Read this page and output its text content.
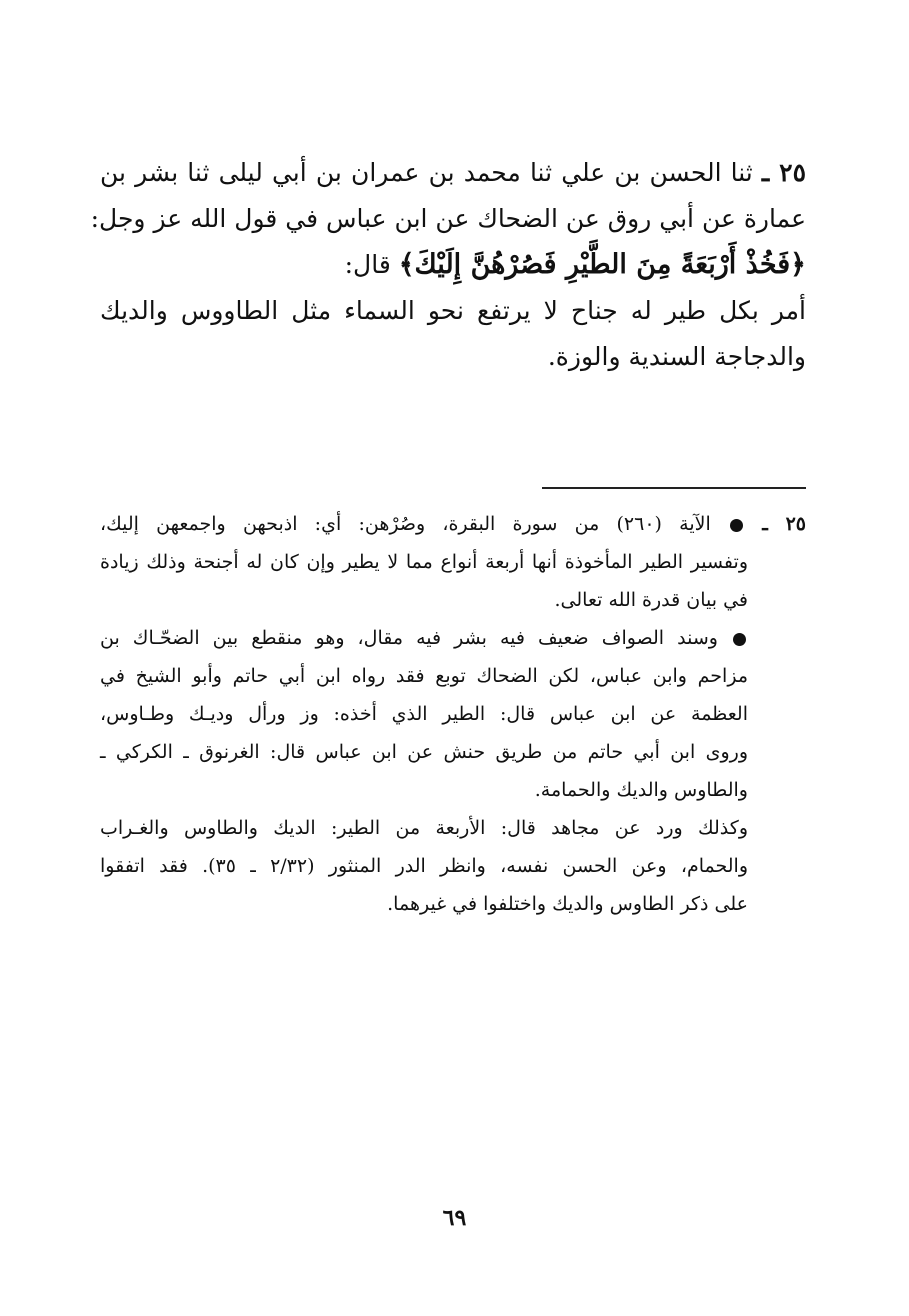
٢٥ ـ ثنا الحسن بن علي ثنا محمد بن عمران بن أبي ليلى ثنا بشر بن
عمارة عن أبي روق عن الضحاك عن ابن عباس في قول الله عز وجل:
﴿فَخُذْ أَرْبَعَةً مِنَ الطَّيْرِ فَصُرْهُنَّ إِلَيْكَ﴾ قال:
أمر بكل طير له جناح لا يرتفع نحو السماء مثل الطاووس والديك
والدجاجة السندية والوزة.
٢٥ ـ  الآية (٢٦٠) من سورة البقرة، وصُرْهن: أي: اذبحهن واجمعهن إليك،
وتفسير الطير المأخوذة أنها أربعة أنواع مما لا يطير وإن كان له أجنحة وذلك زيادة
في بيان قدرة الله تعالى.
وسند الصواف ضعيف فيه بشر فيه مقال، وهو منقطع بين الضحّـاك بن
مزاحم وابن عباس، لكن الضحاك توبع فقد رواه ابن أبي حاتم وأبو الشيخ في
العظمة عن ابن عباس قال: الطير الذي أخذه: وز ورأل وديـك وطـاوس،
وروى ابن أبي حاتم من طريق حنش عن ابن عباس قال: الغرنوق ـ الكركي ـ
والطاوس والديك والحمامة.
وكذلك ورد عن مجاهد قال: الأربعة من الطير: الديك والطاوس والغـراب
والحمام، وعن الحسن نفسه، وانظر الدر المنثور (٢/٣٢ ـ ٣٥). فقد اتفقوا
على ذكر الطاوس والديك واختلفوا في غيرهما.
٦٩
